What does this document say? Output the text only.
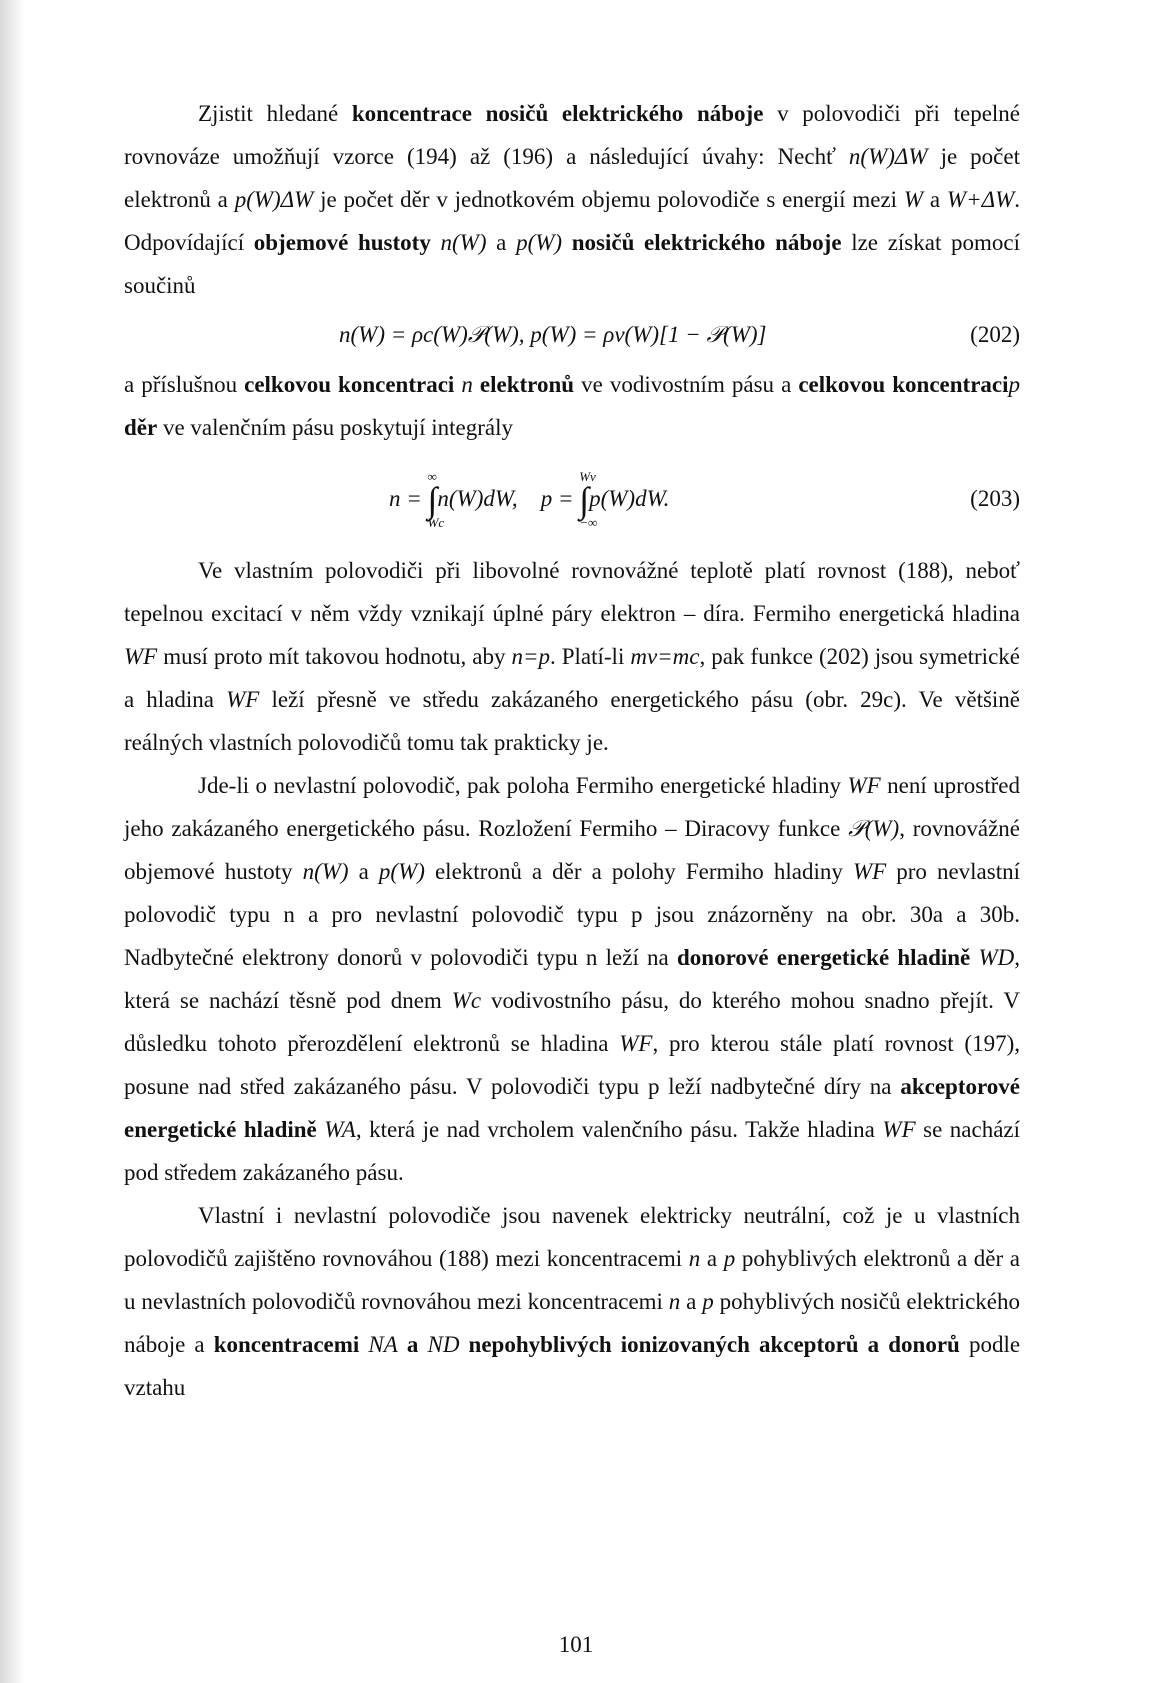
Zjistit hledané koncentrace nosičů elektrického náboje v polovodiči při tepelné rovnováze umožňují vzorce (194) až (196) a následující úvahy: Nechť n(W)ΔW je počet elektronů a p(W)ΔW je počet děr v jednotkovém objemu polovodiče s energií mezi W a W+ΔW. Odpovídající objemové hustoty n(W) a p(W) nosičů elektrického náboje lze získat pomocí součinů

n(W) = ρc(W)𝒫(W), p(W) = ρv(W)[1 − 𝒫(W)]	(202)

a příslušnou celkovou koncentraci n elektronů ve vodivostním pásu a celkovou koncentracip děr ve valenčním pásu poskytují integrály

n = ∫
∞
Wc
n(W)dW, p = ∫
Wv
−∞
p(W)dW.	(203)

Ve vlastním polovodiči při libovolné rovnovážné teplotě platí rovnost (188), neboť tepelnou excitací v něm vždy vznikají úplné páry elektron – díra. Fermiho energetická hladina WF musí proto mít takovou hodnotu, aby n=p. Platí-li mv=mc, pak funkce (202) jsou symetrické a hladina WF leží přesně ve středu zakázaného energetického pásu (obr. 29c). Ve většině reálných vlastních polovodičů tomu tak prakticky je.

Jde-li o nevlastní polovodič, pak poloha Fermiho energetické hladiny WF není uprostřed jeho zakázaného energetického pásu. Rozložení Fermiho – Diracovy funkce 𝒫(W), rovnovážné objemové hustoty n(W) a p(W) elektronů a děr a polohy Fermiho hladiny WF pro nevlastní polovodič typu n a pro nevlastní polovodič typu p jsou znázorněny na obr. 30a a 30b. Nadbytečné elektrony donorů v polovodiči typu n leží na donorové energetické hladině WD, která se nachází těsně pod dnem Wc vodivostního pásu, do kterého mohou snadno přejít. V důsledku tohoto přerozdělení elektronů se hladina WF, pro kterou stále platí rovnost (197), posune nad střed zakázaného pásu. V polovodiči typu p leží nadbytečné díry na akceptorové energetické hladině WA, která je nad vrcholem valenčního pásu. Takže hladina WF se nachází pod středem zakázaného pásu.

Vlastní i nevlastní polovodiče jsou navenek elektricky neutrální, což je u vlastních polovodičů zajištěno rovnováhou (188) mezi koncentracemi n a p pohyblivých elektronů a děr a u nevlastních polovodičů rovnováhou mezi koncentracemi n a p pohyblivých nosičů elektrického náboje a koncentracemi NA a ND nepohyblivých ionizovaných akceptorů a donorů podle vztahu

101
